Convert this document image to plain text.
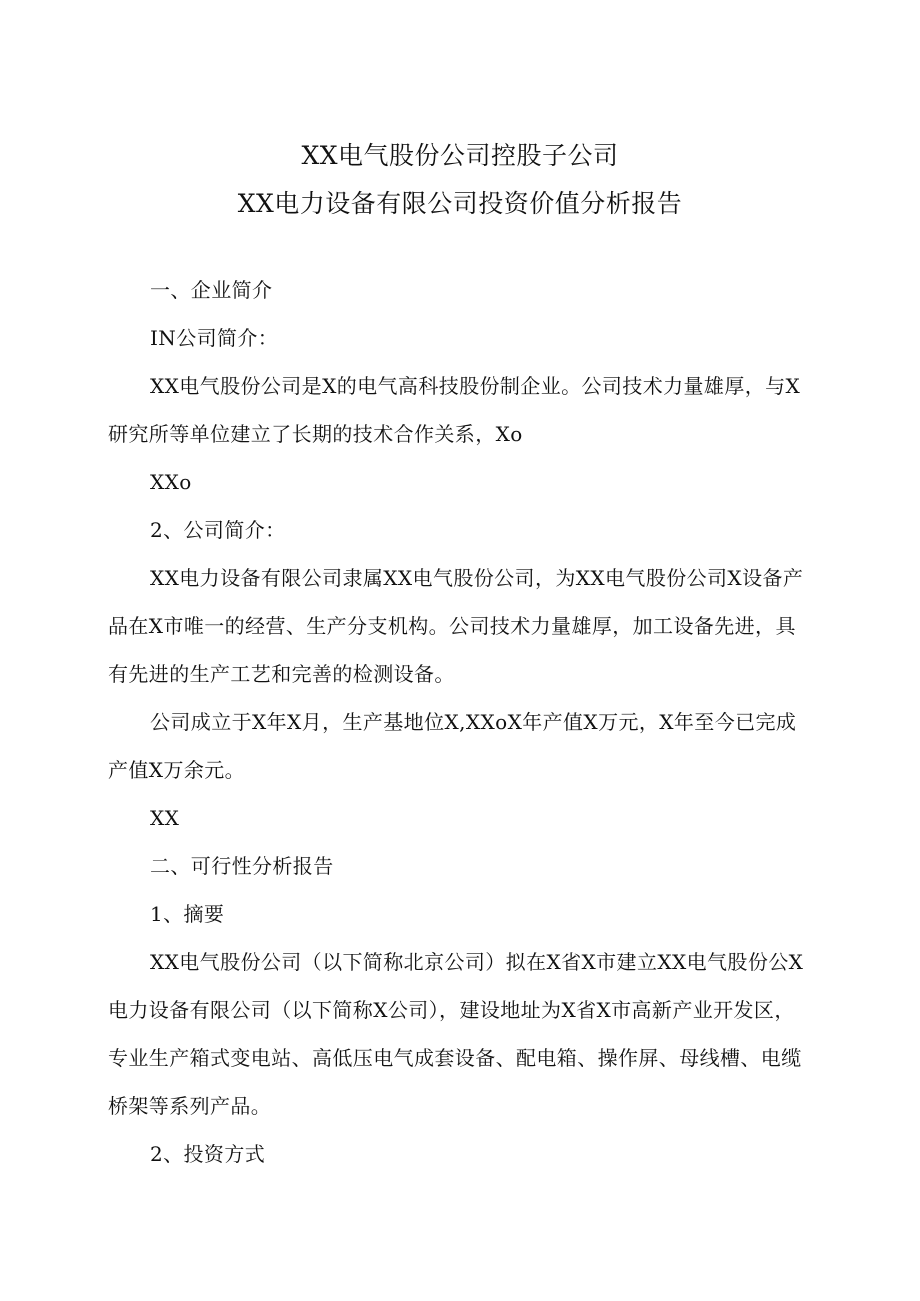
XX电气股份公司控股子公司
XX电力设备有限公司投资价值分析报告
一、企业简介
IN公司简介：
XX电气股份公司是X的电气高科技股份制企业。公司技术力量雄厚，与X研究所等单位建立了长期的技术合作关系，Xo
XXo
2、公司简介：
XX电力设备有限公司隶属XX电气股份公司，为XX电气股份公司X设备产品在X市唯一的经营、生产分支机构。公司技术力量雄厚，加工设备先进，具有先进的生产工艺和完善的检测设备。
公司成立于X年X月，生产基地位X,XXoX年产值X万元，X年至今已完成产值X万余元。
XX
二、可行性分析报告
1、摘要
XX电气股份公司（以下简称北京公司）拟在X省X市建立XX电气股份公X电力设备有限公司（以下简称X公司），建设地址为X省X市高新产业开发区，专业生产箱式变电站、高低压电气成套设备、配电箱、操作屏、母线槽、电缆桥架等系列产品。
2、投资方式
